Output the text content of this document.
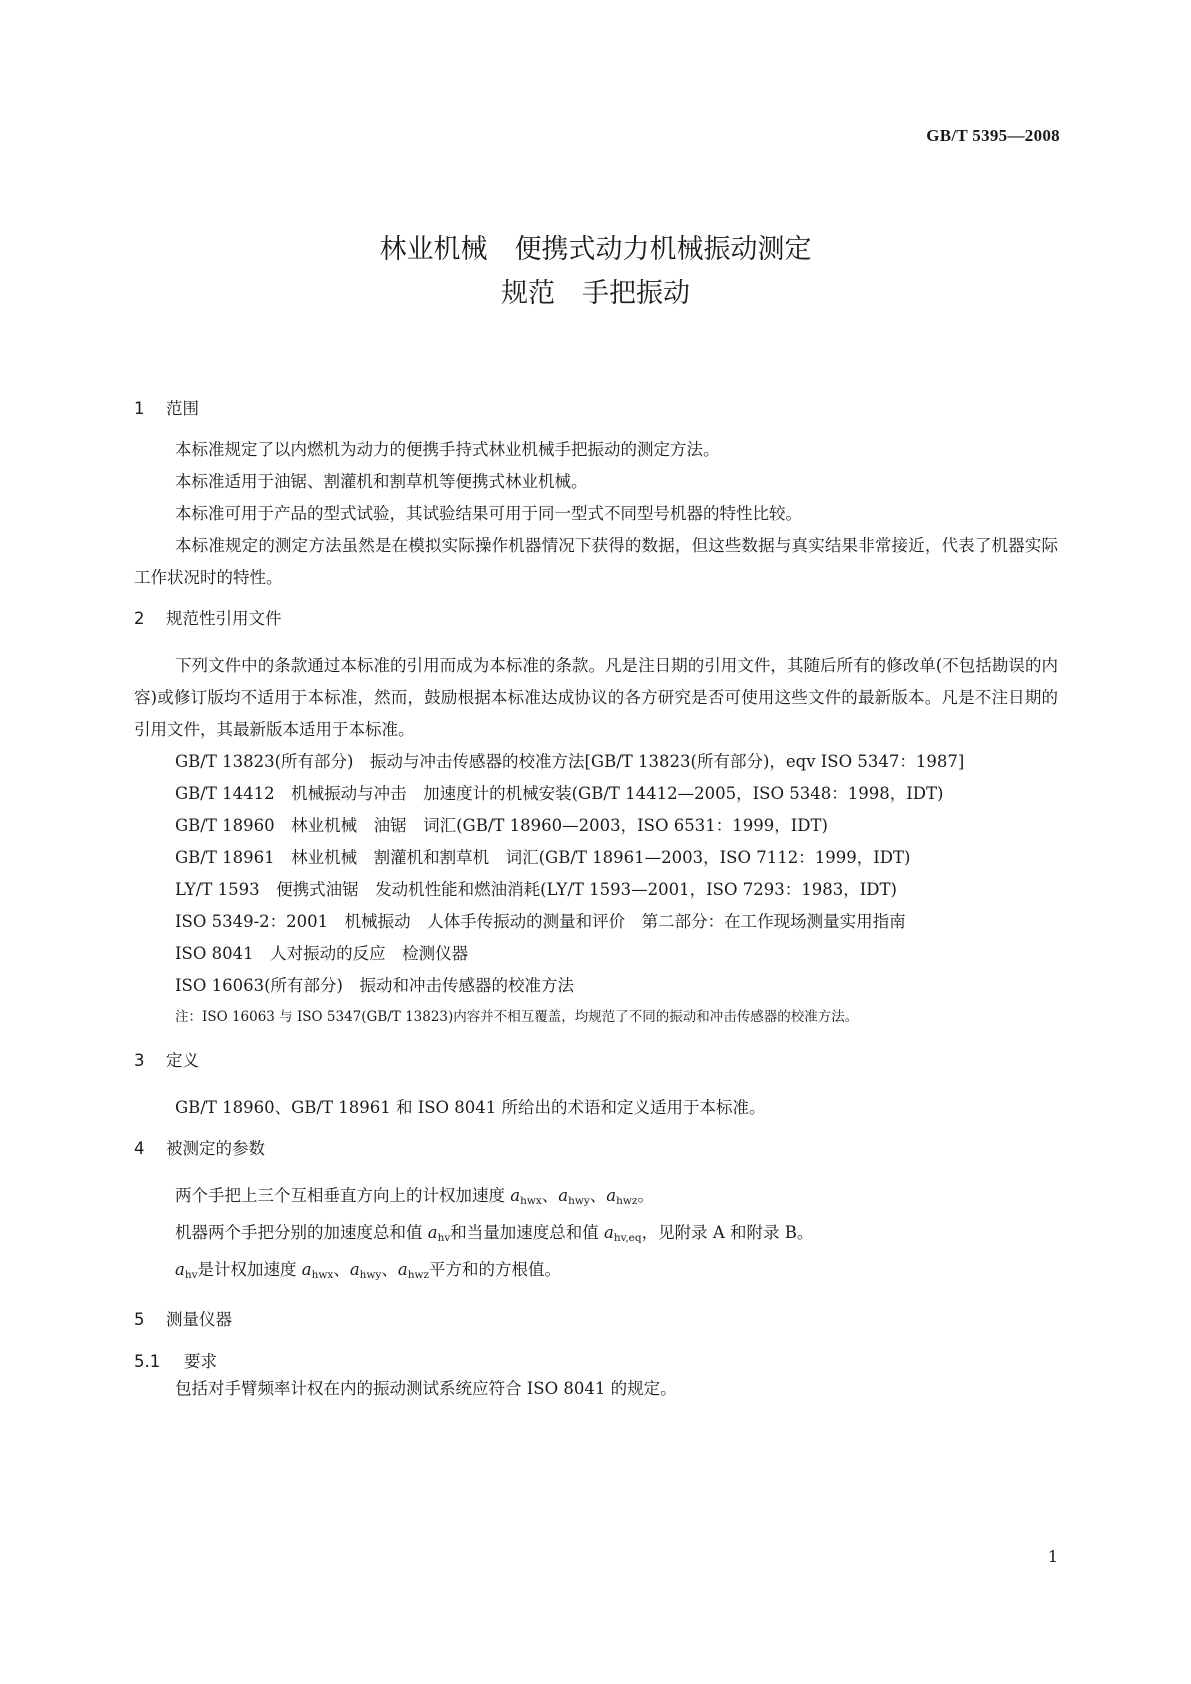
GB/T 5395—2008
林业机械　便携式动力机械振动测定
规范　手把振动
1 范围

本标准规定了以内燃机为动力的便携手持式林业机械手把振动的测定方法。

本标准适用于油锯、割灌机和割草机等便携式林业机械。

本标准可用于产品的型式试验，其试验结果可用于同一型式不同型号机器的特性比较。

本标准规定的测定方法虽然是在模拟实际操作机器情况下获得的数据，但这些数据与真实结果非常接近，代表了机器实际工作状况时的特性。

2 规范性引用文件

下列文件中的条款通过本标准的引用而成为本标准的条款。凡是注日期的引用文件，其随后所有的修改单(不包括勘误的内容)或修订版均不适用于本标准，然而，鼓励根据本标准达成协议的各方研究是否可使用这些文件的最新版本。凡是不注日期的引用文件，其最新版本适用于本标准。

GB/T 13823(所有部分)　振动与冲击传感器的校准方法[GB/T 13823(所有部分)，eqv ISO 5347：1987]

GB/T 14412　机械振动与冲击　加速度计的机械安装(GB/T 14412—2005，ISO 5348：1998，IDT)

GB/T 18960　林业机械　油锯　词汇(GB/T 18960—2003，ISO 6531：1999，IDT)

GB/T 18961　林业机械　割灌机和割草机　词汇(GB/T 18961—2003，ISO 7112：1999，IDT)

LY/T 1593　便携式油锯　发动机性能和燃油消耗(LY/T 1593—2001，ISO 7293：1983，IDT)

ISO 5349-2：2001　机械振动　人体手传振动的测量和评价　第二部分：在工作现场测量实用指南

ISO 8041　人对振动的反应　检测仪器

ISO 16063(所有部分)　振动和冲击传感器的校准方法

注：ISO 16063 与 ISO 5347(GB/T 13823)内容并不相互覆盖，均规范了不同的振动和冲击传感器的校准方法。

3 定义

GB/T 18960、GB/T 18961 和 ISO 8041 所给出的术语和定义适用于本标准。

4 被测定的参数

两个手把上三个互相垂直方向上的计权加速度 $a_{hwx}$、$a_{hwy}$、$a_{hwz}$。

机器两个手把分别的加速度总和值 $a_{hv}$和当量加速度总和值 $a_{hv,eq}$，见附录 A 和附录 B。

$a_{hv}$是计权加速度 $a_{hwx}$、$a_{hwy}$、$a_{hwz}$平方和的方根值。

5 测量仪器
5.1 要求

包括对手臂频率计权在内的振动测试系统应符合 ISO 8041 的规定。

1
